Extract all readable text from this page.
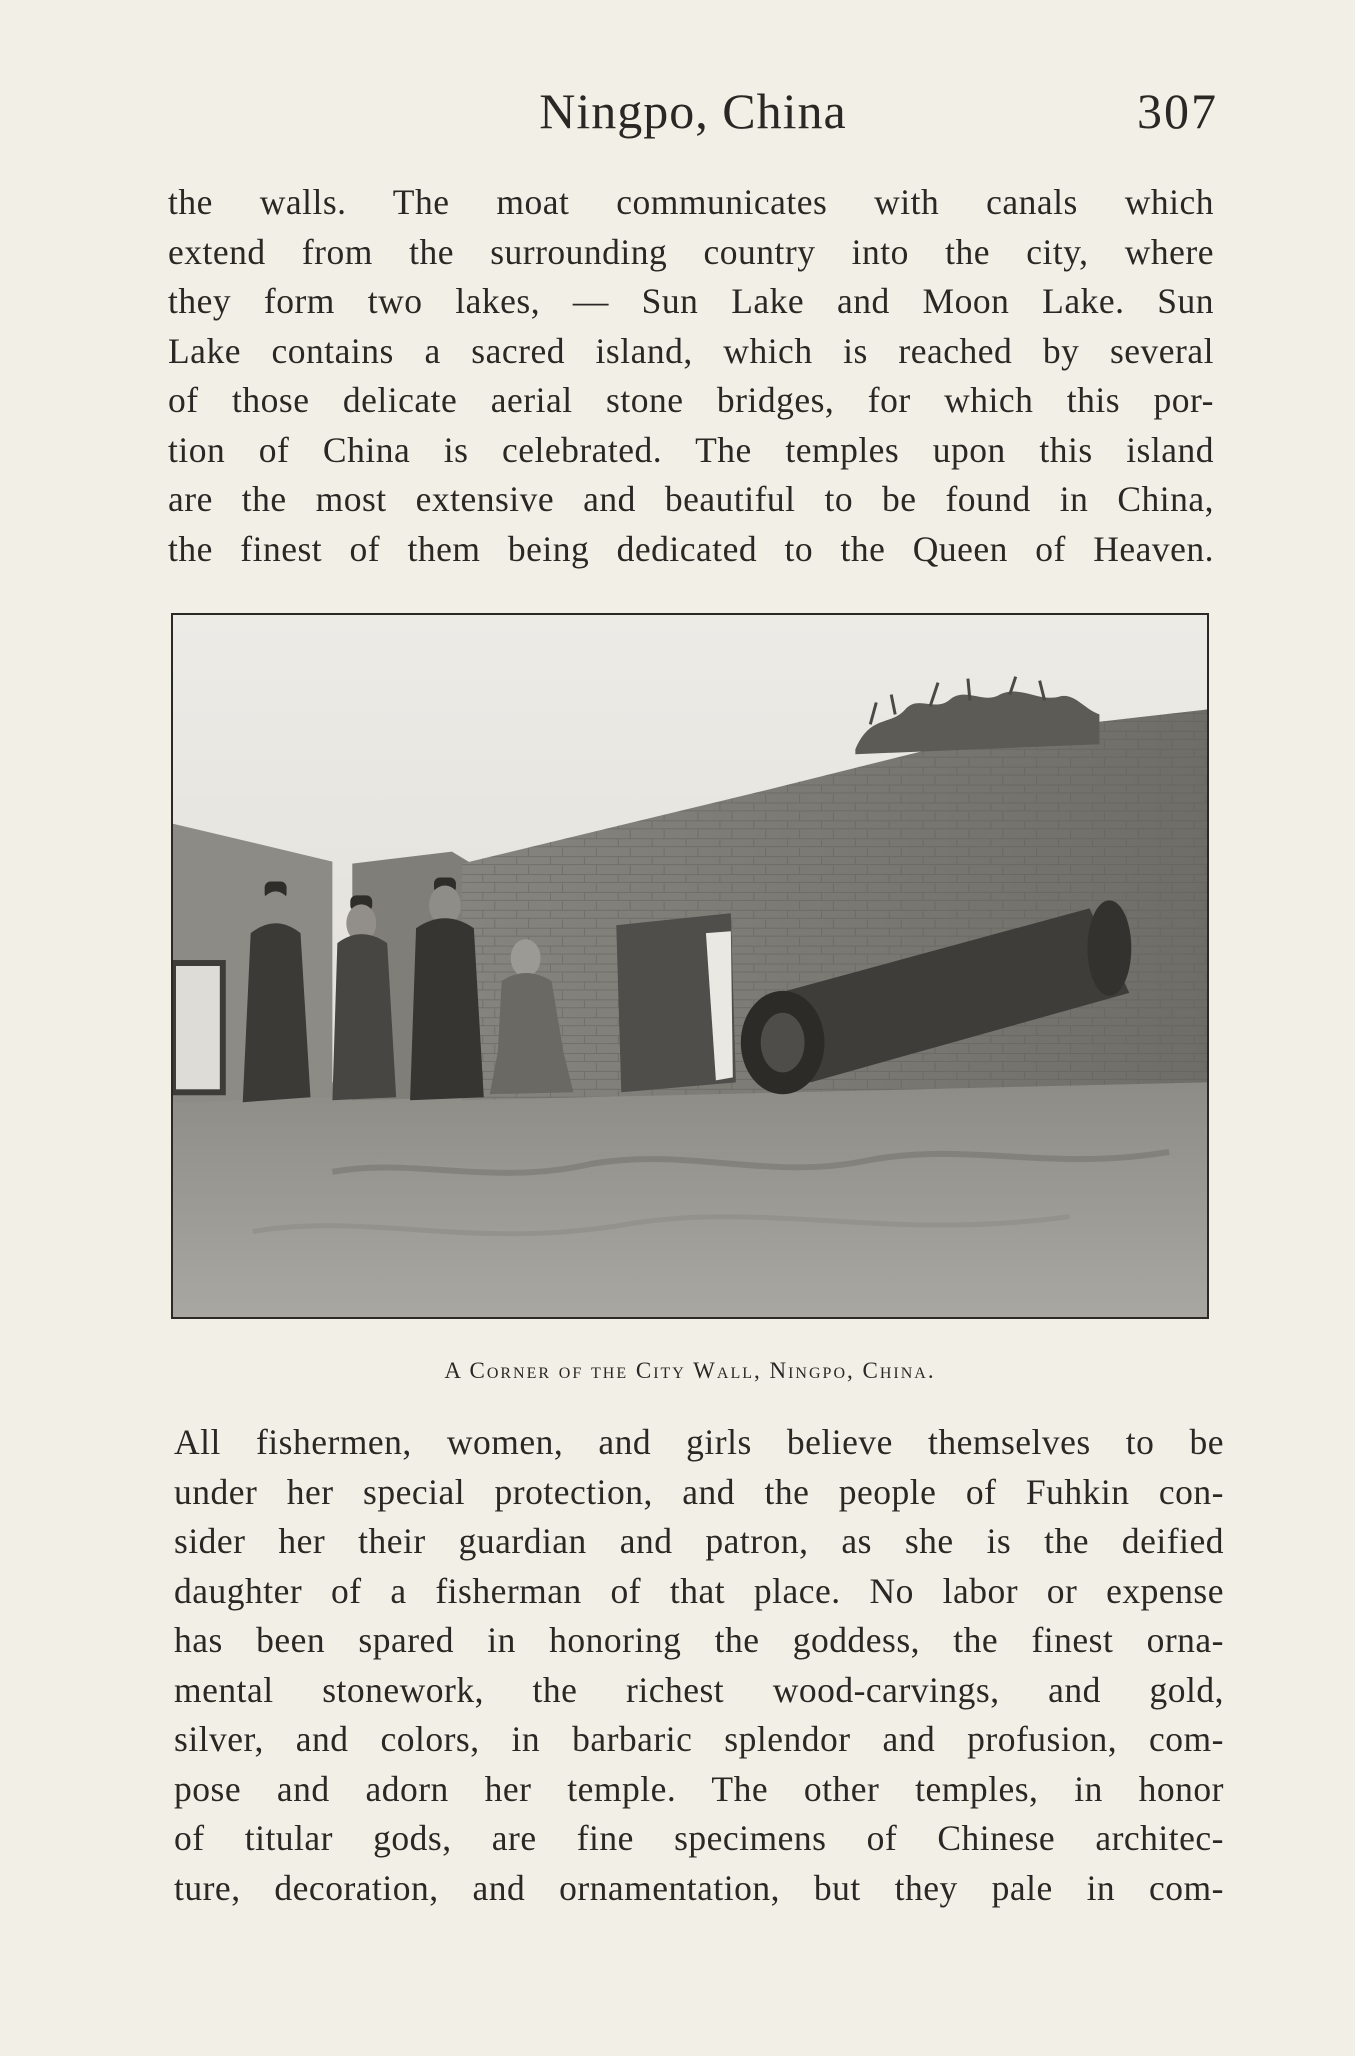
Ningpo, China	307
the walls. The moat communicates with canals which
extend from the surrounding country into the city, where
they form two lakes, — Sun Lake and Moon Lake. Sun
Lake contains a sacred island, which is reached by several
of those delicate aerial stone bridges, for which this por-
tion of China is celebrated. The temples upon this island
are the most extensive and beautiful to be found in China,
the finest of them being dedicated to the Queen of Heaven.
A Corner of the City Wall, Ningpo, China.
All fishermen, women, and girls believe themselves to be
under her special protection, and the people of Fuhkin con-
sider her their guardian and patron, as she is the deified
daughter of a fisherman of that place. No labor or expense
has been spared in honoring the goddess, the finest orna-
mental stonework, the richest wood-carvings, and gold,
silver, and colors, in barbaric splendor and profusion, com-
pose and adorn her temple. The other temples, in honor
of titular gods, are fine specimens of Chinese architec-
ture, decoration, and ornamentation, but they pale in com-
